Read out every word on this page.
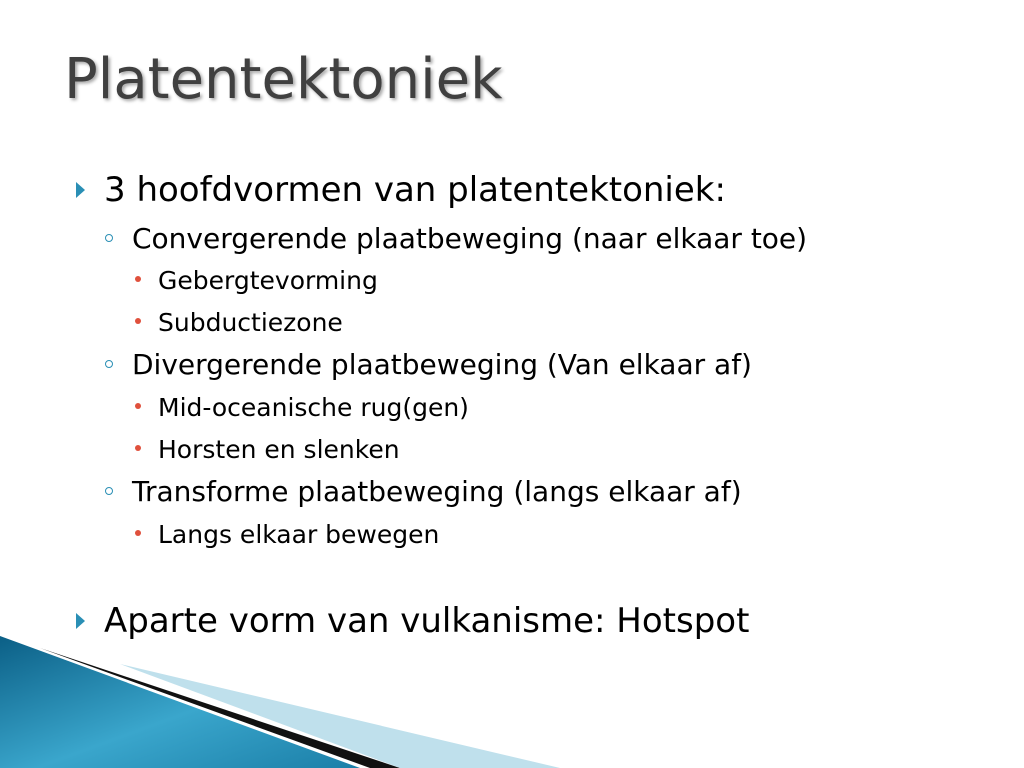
Platentektoniek
3 hoofdvormen van platentektoniek:
Convergerende plaatbeweging (naar elkaar toe)
Gebergtevorming
Subductiezone
Divergerende plaatbeweging (Van elkaar af)
Mid-oceanische rug(gen)
Horsten en slenken
Transforme plaatbeweging (langs elkaar af)
Langs elkaar bewegen
Aparte vorm van vulkanisme: Hotspot
